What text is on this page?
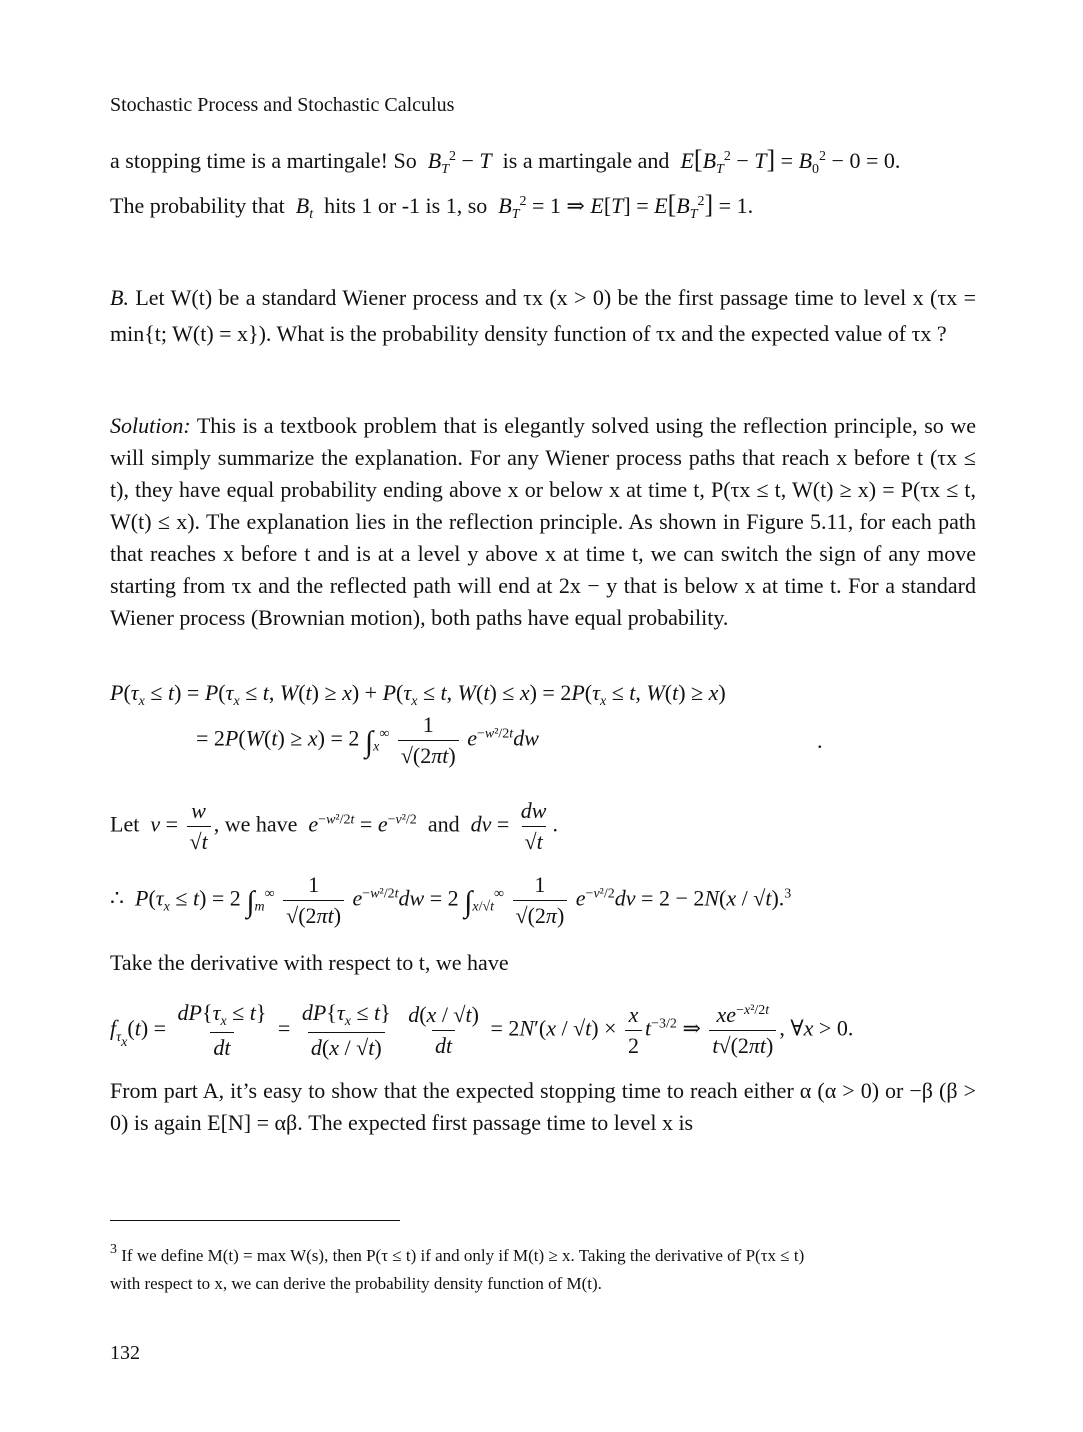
Stochastic Process and Stochastic Calculus
a stopping time is a martingale! So  $B_T^2 - T$ is a martingale and  $E[B_T^2 - T] = B_0^2 - 0 = 0$.
The probability that  $B_t$ hits 1 or -1 is 1, so  $B_T^2 = 1$ ⇒ $E[T] = E[B_T^2] = 1$.
B. Let W(t) be a standard Wiener process and τx (x > 0) be the first passage time to level x (τx = min{t; W(t) = x}). What is the probability density function of τx and the expected value of τx ?
Solution: This is a textbook problem that is elegantly solved using the reflection principle, so we will simply summarize the explanation. For any Wiener process paths that reach x before t (τx ≤ t), they have equal probability ending above x or below x at time t, P(τx ≤ t, W(t) ≥ x) = P(τx ≤ t, W(t) ≤ x). The explanation lies in the reflection principle. As shown in Figure 5.11, for each path that reaches x before t and is at a level y above x at time t, we can switch the sign of any move starting from τx and the reflected path will end at 2x − y that is below x at time t. For a standard Wiener process (Brownian motion), both paths have equal probability.
$P(\tau_x \le t) = P(\tau_x \le t$, $W(t) \ge x) + P(\tau_x \le t$, $W(t) \le x) = 2P(\tau_x \le t$, W(t) ≥ x)
= 2P(W(t) ≥ x) = 2 $\int_x^\infty \frac{1}{√(2\pi t)} e^{-w^2/2t}dw$	.
Let  $v = \frac{w}{√t}$ , we have  $e^{-w^2/2t} = e^{-v^2/2}$ and  dv = $\frac{dw}{√t}$ .
∴  $P(\tau_x \le t) = 2$ $\int_m^\infty \frac{1}{√(2\pi t)} e^{-w^2/2t}dw = 2$ $\int_{x/√t}^\infty \frac{1}{√(2\pi)} e^{-v^2/2}dv = 2 - 2N(x / √t).^3$
Take the derivative with respect to t, we have
$f_{\tau_x}(t) = \frac{dP\{\tau_x \le t\}}{dt} = \frac{dP\{\tau_x \le t\}}{d(x / √t)}$
$\frac{d(x / √t)}{dt} = 2N'(x / √t) \times \frac{x}{2} t^{-3/2}$ ⇒ $\frac{xe^{-x^2/2t}}{t√(2\pi t)}$ , ∀x > 0.
From part A, it’s easy to show that the expected stopping time to reach either α (α > 0) or −β (β > 0) is again E[N] = αβ. The expected first passage time to level x is
$^3$ If we define M(t) = max W(s), then P(τ ≤ t) if and only if M(t) ≥ x. Taking the derivative of P(τx ≤ t)
with respect to x, we can derive the probability density function of M(t).
132
